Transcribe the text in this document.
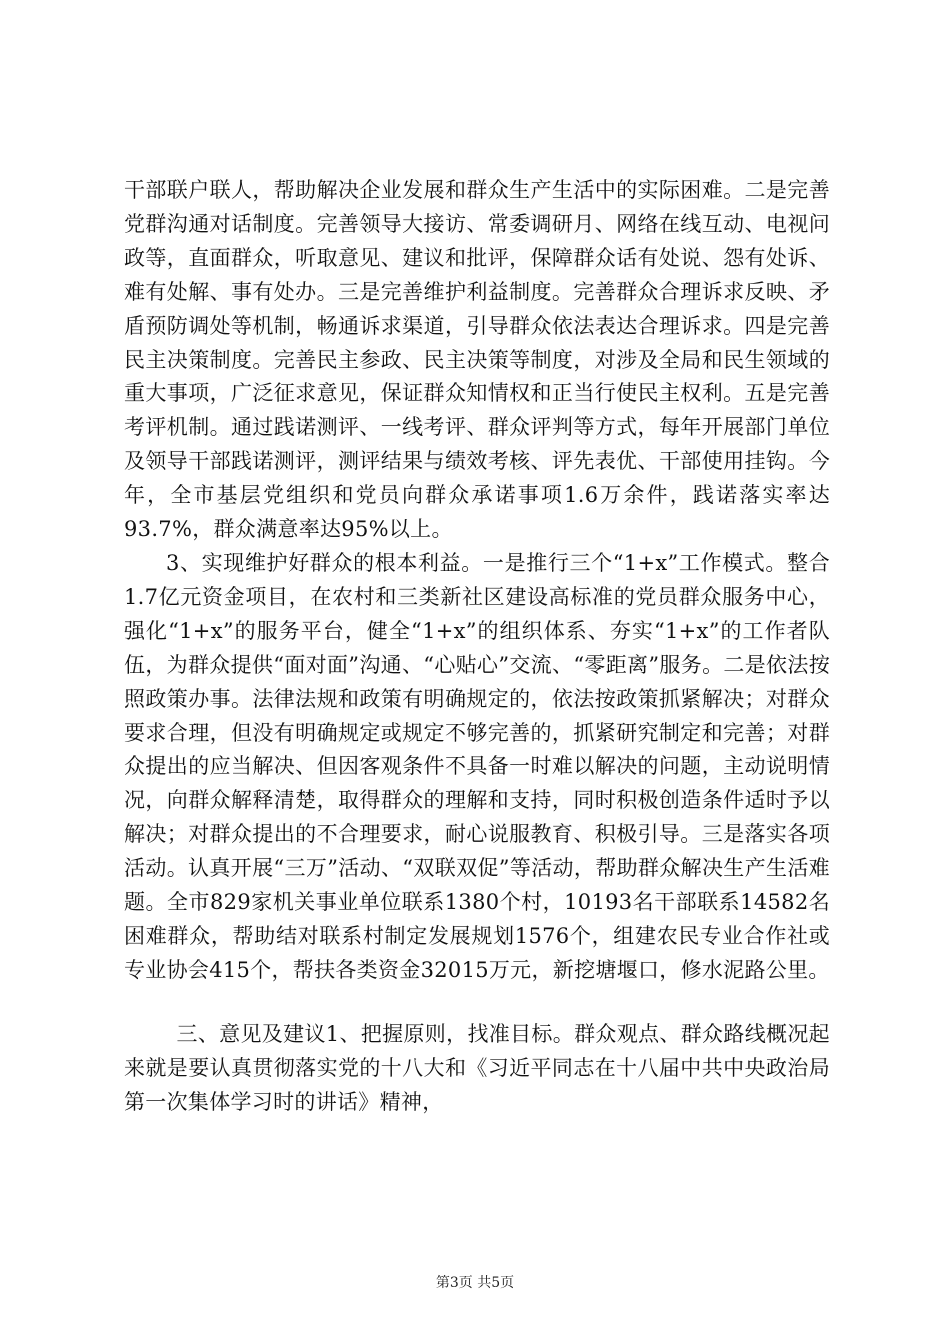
干部联户联人，帮助解决企业发展和群众生产生活中的实际困难。二是完善党群沟通对话制度。完善领导大接访、常委调研月、网络在线互动、电视问政等，直面群众，听取意见、建议和批评，保障群众话有处说、怨有处诉、难有处解、事有处办。三是完善维护利益制度。完善群众合理诉求反映、矛盾预防调处等机制，畅通诉求渠道，引导群众依法表达合理诉求。四是完善民主决策制度。完善民主参政、民主决策等制度，对涉及全局和民生领域的重大事项，广泛征求意见，保证群众知情权和正当行使民主权利。五是完善考评机制。通过践诺测评、一线考评、群众评判等方式，每年开展部门单位及领导干部践诺测评，测评结果与绩效考核、评先表优、干部使用挂钩。今年，全市基层党组织和党员向群众承诺事项1.6万余件，践诺落实率达93.7%，群众满意率达95%以上。

3、实现维护好群众的根本利益。一是推行三个“1+x”工作模式。整合1.7亿元资金项目，在农村和三类新社区建设高标准的党员群众服务中心，强化“1+x”的服务平台，健全“1+x”的组织体系、夯实“1+x”的工作者队伍，为群众提供“面对面”沟通、“心贴心”交流、“零距离”服务。二是依法按照政策办事。法律法规和政策有明确规定的，依法按政策抓紧解决；对群众要求合理，但没有明确规定或规定不够完善的，抓紧研究制定和完善；对群众提出的应当解决、但因客观条件不具备一时难以解决的问题，主动说明情况，向群众解释清楚，取得群众的理解和支持，同时积极创造条件适时予以解决；对群众提出的不合理要求，耐心说服教育、积极引导。三是落实各项活动。认真开展“三万”活动、“双联双促”等活动，帮助群众解决生产生活难题。全市829家机关事业单位联系1380个村，10193名干部联系14582名困难群众，帮助结对联系村制定发展规划1576个，组建农民专业合作社或专业协会415个，帮扶各类资金32015万元，新挖塘堰口，修水泥路公里。

三、意见及建议1、把握原则，找准目标。群众观点、群众路线概况起来就是要认真贯彻落实党的十八大和《习近平同志在十八届中共中央政治局第一次集体学习时的讲话》精神，

第3页 共5页
